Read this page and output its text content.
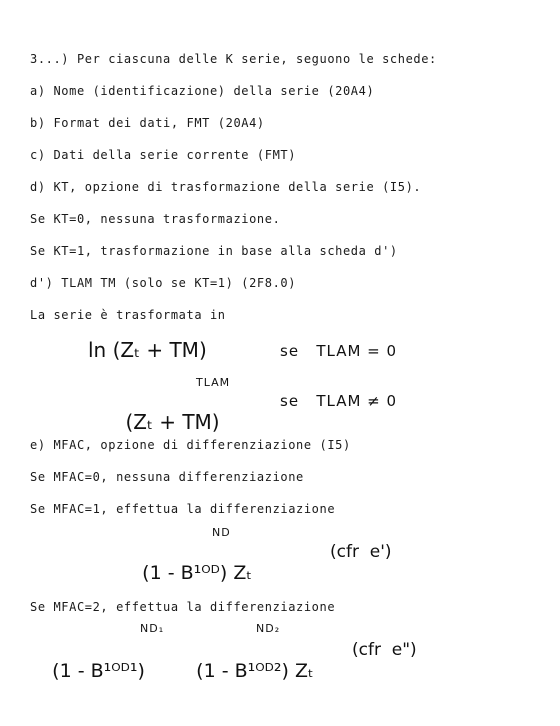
3...) Per ciascuna delle K serie, seguono le schede:
a) Nome (identificazione) della serie (20A4)
b) Format dei dati, FMT (20A4)
c) Dati della serie corrente (FMT)
d) KT, opzione di trasformazione della serie (I5).
Se KT=0, nessuna trasformazione.
Se KT=1, trasformazione in base alla scheda d')
d') TLAM TM (solo se KT=1) (2F8.0)
La serie è trasformata in
ln (Zₜ + TM)	se   TLAM = 0

(Zₜ + TM)

TLAM

se   TLAM ≠ 0
e) MFAC, opzione di differenziazione (I5)
Se MFAC=0, nessuna differenziazione
Se MFAC=1, effettua la differenziazione

(1 - B¹ᴼᴰ) Zₜ

ND

(cfr  e')
Se MFAC=2, effettua la differenziazione

(1 - B¹ᴼᴰ¹)

ND₁

(1 - B¹ᴼᴰ²) Zₜ

ND₂

(cfr  e")
